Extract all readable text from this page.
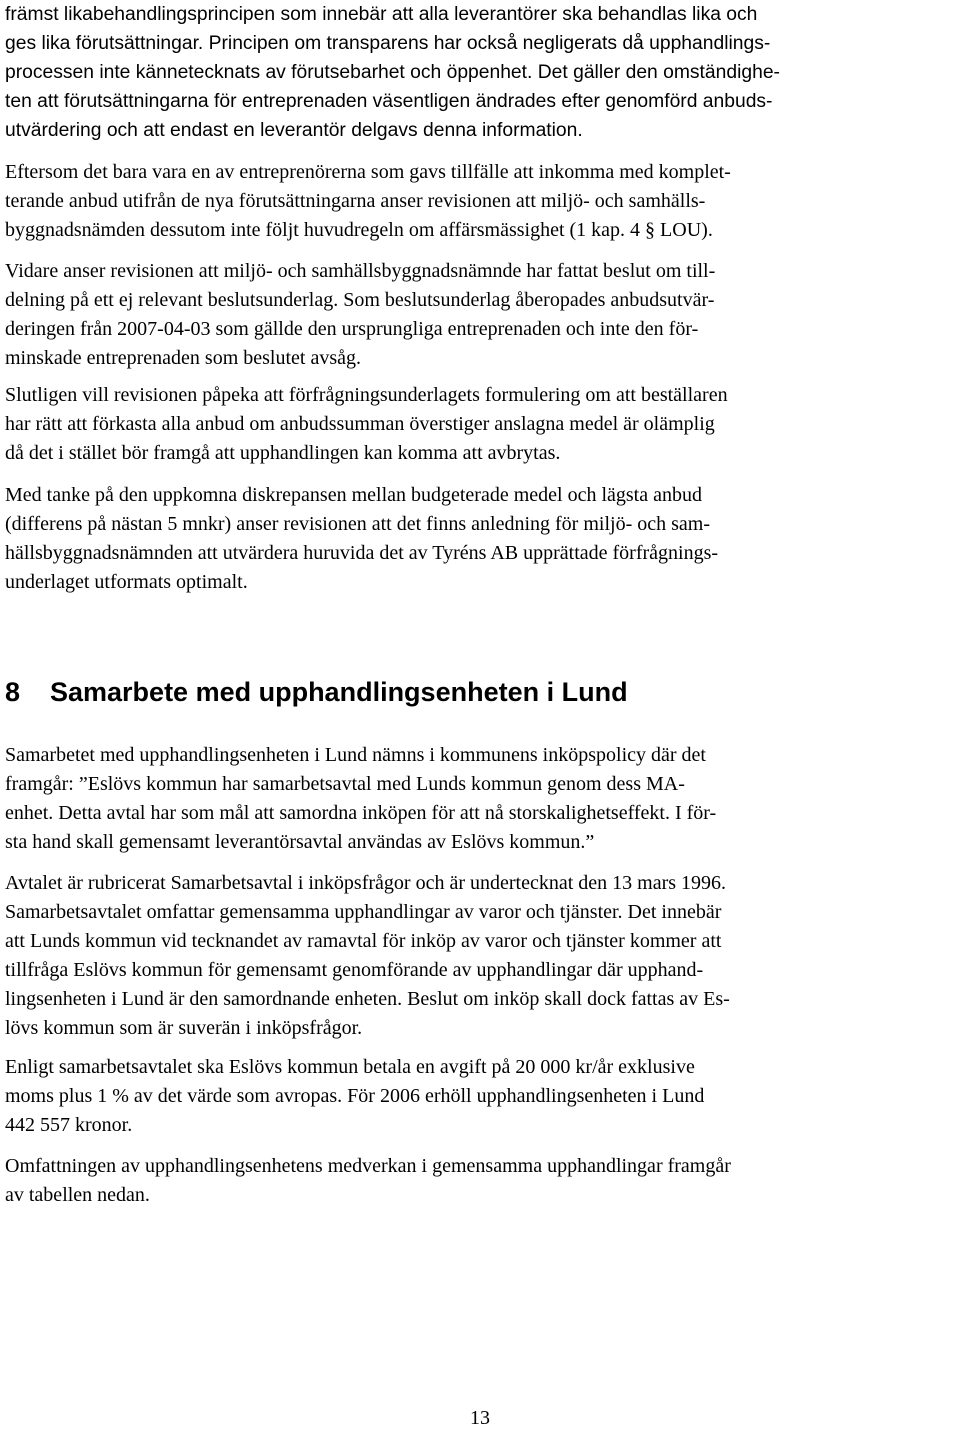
främst likabehandlingsprincipen som innebär att alla leverantörer ska behandlas lika och
ges lika förutsättningar. Principen om transparens har också negligerats då upphandlings-
processen inte kännetecknats av förutsebarhet och öppenhet. Det gäller den omständighe-
ten att förutsättningarna för entreprenaden väsentligen ändrades efter genomförd anbuds-
utvärdering och att endast en leverantör delgavs denna information.
Eftersom det bara vara en av entreprenörerna som gavs tillfälle att inkomma med komplet-
terande anbud utifrån de nya förutsättningarna anser revisionen att miljö- och samhälls-
byggnadsnämden dessutom inte följt huvudregeln om affärsmässighet (1 kap. 4 § LOU).
Vidare anser revisionen att miljö- och samhällsbyggnadsnämnde har fattat beslut om till-
delning på ett ej relevant beslutsunderlag. Som beslutsunderlag åberopades anbudsutvär-
deringen från 2007-04-03 som gällde den ursprungliga entreprenaden och inte den för-
minskade entreprenaden som beslutet avsåg.
Slutligen vill revisionen påpeka att förfrågningsunderlagets formulering om att beställaren
har rätt att förkasta alla anbud om anbudssumman överstiger anslagna medel är olämplig
då det i stället bör framgå att upphandlingen kan komma att avbrytas.
Med tanke på den uppkomna diskrepansen mellan budgeterade medel och lägsta anbud
(differens på nästan 5 mnkr) anser revisionen att det finns anledning för miljö- och sam-
hällsbyggnadsnämnden att utvärdera huruvida det av Tyréns AB upprättade förfrågnings-
underlaget utformats optimalt.
8 Samarbete med upphandlingsenheten i Lund
Samarbetet med upphandlingsenheten i Lund nämns i kommunens inköpspolicy där det
framgår: ”Eslövs kommun har samarbetsavtal med Lunds kommun genom dess MA-
enhet. Detta avtal har som mål att samordna inköpen för att nå storskalighetseffekt. I för-
sta hand skall gemensamt leverantörsavtal användas av Eslövs kommun.”
Avtalet är rubricerat Samarbetsavtal i inköpsfrågor och är undertecknat den 13 mars 1996.
Samarbetsavtalet omfattar gemensamma upphandlingar av varor och tjänster. Det innebär
att Lunds kommun vid tecknandet av ramavtal för inköp av varor och tjänster kommer att
tillfråga Eslövs kommun för gemensamt genomförande av upphandlingar där upphand-
lingsenheten i Lund är den samordnande enheten. Beslut om inköp skall dock fattas av Es-
lövs kommun som är suverän i inköpsfrågor.
Enligt samarbetsavtalet ska Eslövs kommun betala en avgift på 20 000 kr/år exklusive
moms plus 1 % av det värde som avropas. För 2006 erhöll upphandlingsenheten i Lund
442 557 kronor.
Omfattningen av upphandlingsenhetens medverkan i gemensamma upphandlingar framgår
av tabellen nedan.
13
